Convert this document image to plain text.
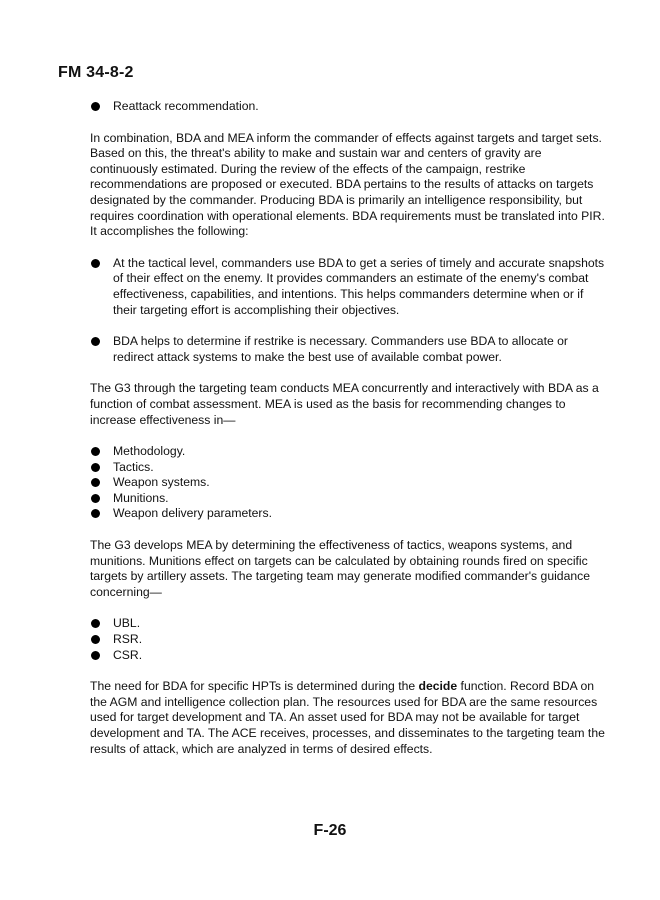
FM 34-8-2
Reattack recommendation.

In combination, BDA and MEA inform the commander of effects against targets and target sets. Based on this, the threat's ability to make and sustain war and centers of gravity are continuously estimated. During the review of the effects of the campaign, restrike recommendations are proposed or executed. BDA pertains to the results of attacks on targets designated by the commander. Producing BDA is primarily an intelligence responsibility, but requires coordination with operational elements. BDA requirements must be translated into PIR. It accomplishes the following:

At the tactical level, commanders use BDA to get a series of timely and accurate snapshots of their effect on the enemy. It provides commanders an estimate of the enemy's combat effectiveness, capabilities, and intentions. This helps commanders determine when or if their targeting effort is accomplishing their objectives.
BDA helps to determine if restrike is necessary. Commanders use BDA to allocate or redirect attack systems to make the best use of available combat power.

The G3 through the targeting team conducts MEA concurrently and interactively with BDA as a function of combat assessment. MEA is used as the basis for recommending changes to increase effectiveness in—

Methodology.
Tactics.
Weapon systems.
Munitions.
Weapon delivery parameters.

The G3 develops MEA by determining the effectiveness of tactics, weapons systems, and munitions. Munitions effect on targets can be calculated by obtaining rounds fired on specific targets by artillery assets. The targeting team may generate modified commander's guidance concerning—

UBL.
RSR.
CSR.

The need for BDA for specific HPTs is determined during the decide function. Record BDA on the AGM and intelligence collection plan. The resources used for BDA are the same resources used for target development and TA. An asset used for BDA may not be available for target development and TA. The ACE receives, processes, and disseminates to the targeting team the results of attack, which are analyzed in terms of desired effects.

F-26
